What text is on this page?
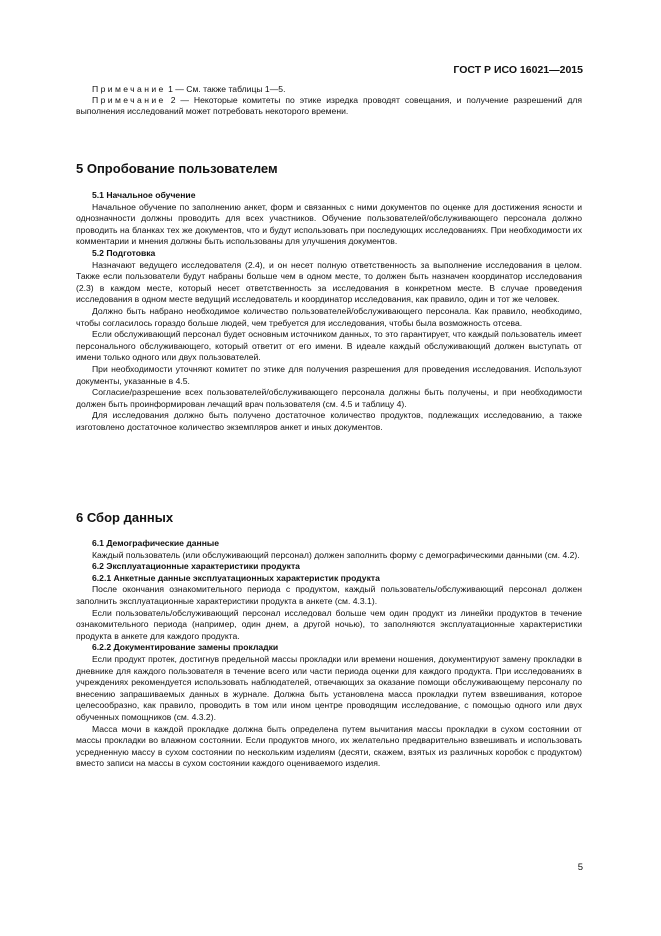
ГОСТ Р ИСО 16021—2015
Примечание 1 — См. также таблицы 1—5.
Примечание 2 — Некоторые комитеты по этике изредка проводят совещания, и получение разрешений для выполнения исследований может потребовать некоторого времени.
5 Опробование пользователем
5.1 Начальное обучение

Начальное обучение по заполнению анкет, форм и связанных с ними документов по оценке для достижения ясности и однозначности должны проводить для всех участников. Обучение пользователей/обслуживающего персонала должно проводить на бланках тех же документов, что и будут использовать при последующих исследованиях. При необходимости их комментарии и мнения должны быть использованы для улучшения документов.

5.2 Подготовка

Назначают ведущего исследователя (2.4), и он несет полную ответственность за выполнение исследования в целом. Также если пользователи будут набраны больше чем в одном месте, то должен быть назначен координатор исследования (2.3) в каждом месте, который несет ответственность за исследования в конкретном месте. В случае проведения исследования в одном месте ведущий исследователь и координатор исследования, как правило, один и тот же человек.

Должно быть набрано необходимое количество пользователей/обслуживающего персонала. Как правило, необходимо, чтобы согласилось гораздо больше людей, чем требуется для исследования, чтобы была возможность отсева.

Если обслуживающий персонал будет основным источником данных, то это гарантирует, что каждый пользователь имеет персонального обслуживающего, который ответит от его имени. В идеале каждый обслуживающий должен выступать от имени только одного или двух пользователей.

При необходимости уточняют комитет по этике для получения разрешения для проведения исследования. Используют документы, указанные в 4.5.

Согласие/разрешение всех пользователей/обслуживающего персонала должны быть получены, и при необходимости должен быть проинформирован лечащий врач пользователя (см. 4.5 и таблицу 4).

Для исследования должно быть получено достаточное количество продуктов, подлежащих исследованию, а также изготовлено достаточное количество экземпляров анкет и иных документов.

6 Сбор данных
6.1 Демографические данные

Каждый пользователь (или обслуживающий персонал) должен заполнить форму с демографическими данными (см. 4.2).

6.2 Эксплуатационные характеристики продукта
6.2.1 Анкетные данные эксплуатационных характеристик продукта

После окончания ознакомительного периода с продуктом, каждый пользователь/обслуживающий персонал должен заполнить эксплуатационные характеристики продукта в анкете (см. 4.3.1).

Если пользователь/обслуживающий персонал исследовал больше чем один продукт из линейки продуктов в течение ознакомительного периода (например, один днем, а другой ночью), то заполняются эксплуатационные характеристики продукта в анкете для каждого продукта.

6.2.2 Документирование замены прокладки

Если продукт протек, достигнув предельной массы прокладки или времени ношения, документируют замену прокладки в дневнике для каждого пользователя в течение всего или части периода оценки для каждого продукта. При исследованиях в учреждениях рекомендуется использовать наблюдателей, отвечающих за оказание помощи обслуживающему персоналу по внесению запрашиваемых данных в журнале. Должна быть установлена масса прокладки путем взвешивания, которое целесообразно, как правило, проводить в том или ином центре проводящим исследование, с помощью одного или двух обученных помощников (см. 4.3.2).

Масса мочи в каждой прокладке должна быть определена путем вычитания массы прокладки в сухом состоянии от массы прокладки во влажном состоянии. Если продуктов много, их желательно предварительно взвешивать и использовать усредненную массу в сухом состоянии по нескольким изделиям (десяти, скажем, взятых из различных коробок с продуктом) вместо записи на массы в сухом состоянии каждого оцениваемого изделия.

5
